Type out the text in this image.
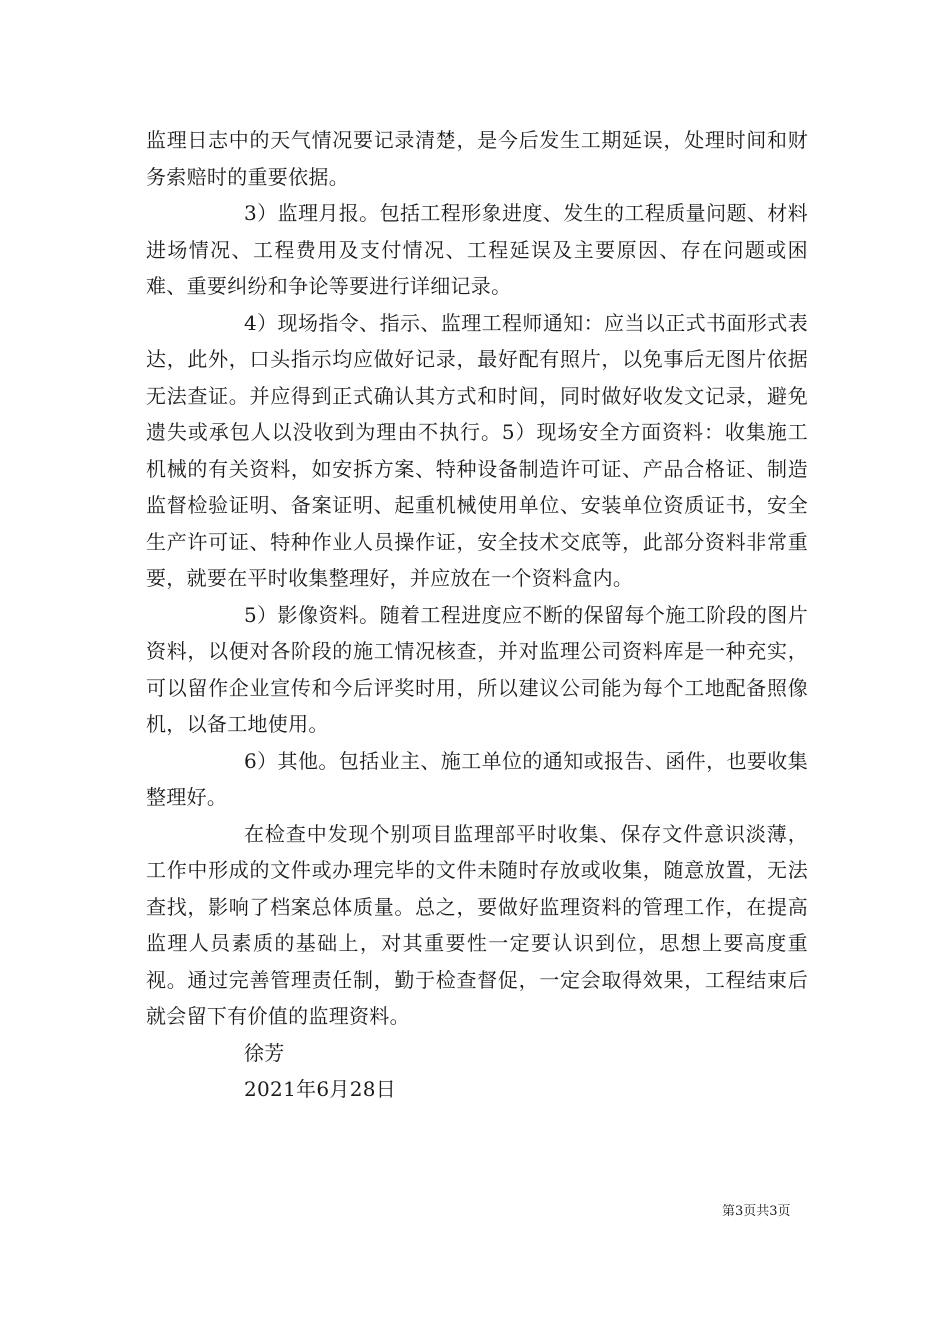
监理日志中的天气情况要记录清楚，是今后发生工期延误，处理时间和财务索赔时的重要依据。

3）监理月报。包括工程形象进度、发生的工程质量问题、材料进场情况、工程费用及支付情况、工程延误及主要原因、存在问题或困难、重要纠纷和争论等要进行详细记录。

4）现场指令、指示、监理工程师通知：应当以正式书面形式表达，此外，口头指示均应做好记录，最好配有照片，以免事后无图片依据无法查证。并应得到正式确认其方式和时间，同时做好收发文记录，避免遗失或承包人以没收到为理由不执行。5）现场安全方面资料：收集施工机械的有关资料，如安拆方案、特种设备制造许可证、产品合格证、制造监督检验证明、备案证明、起重机械使用单位、安装单位资质证书，安全生产许可证、特种作业人员操作证，安全技术交底等，此部分资料非常重要，就要在平时收集整理好，并应放在一个资料盒内。

5）影像资料。随着工程进度应不断的保留每个施工阶段的图片资料，以便对各阶段的施工情况核查，并对监理公司资料库是一种充实，可以留作企业宣传和今后评奖时用，所以建议公司能为每个工地配备照像机，以备工地使用。

6）其他。包括业主、施工单位的通知或报告、函件，也要收集整理好。

在检查中发现个别项目监理部平时收集、保存文件意识淡薄，工作中形成的文件或办理完毕的文件未随时存放或收集，随意放置，无法查找，影响了档案总体质量。总之，要做好监理资料的管理工作，在提高监理人员素质的基础上，对其重要性一定要认识到位，思想上要高度重视。通过完善管理责任制，勤于检查督促，一定会取得效果，工程结束后就会留下有价值的监理资料。

徐芳

2021年6月28日

第3页共3页
